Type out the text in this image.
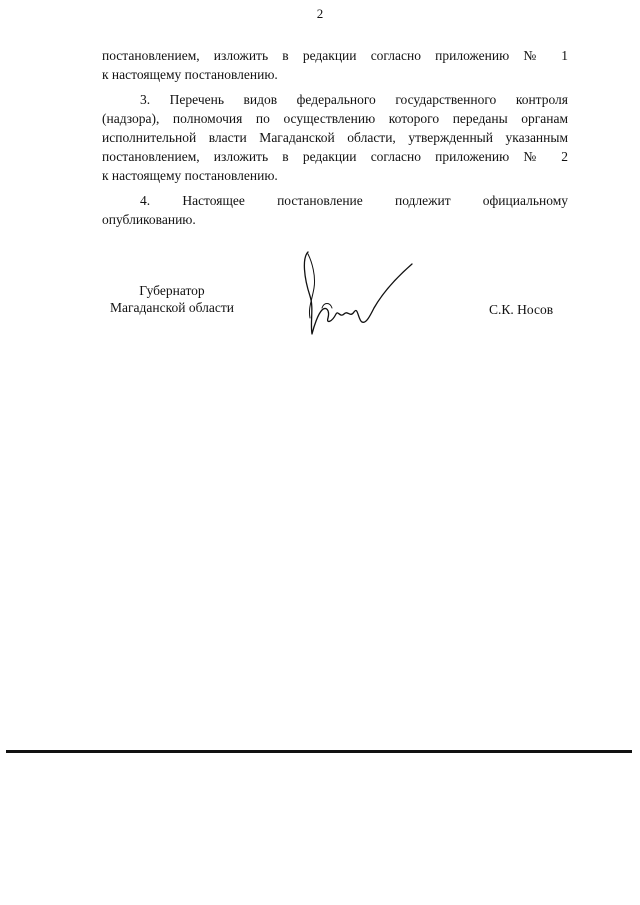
2

постановлением, изложить в редакции согласно приложению № 1
к настоящему постановлению.

3. Перечень видов федерального государственного контроля
(надзора), полномочия по осуществлению которого переданы органам
исполнительной власти Магаданской области, утвержденный указанным
постановлением, изложить в редакции согласно приложению № 2
к настоящему постановлению.

4. Настоящее постановление подлежит официальному
опубликованию.

Губернатор
Магаданской области	С.К. Носов
